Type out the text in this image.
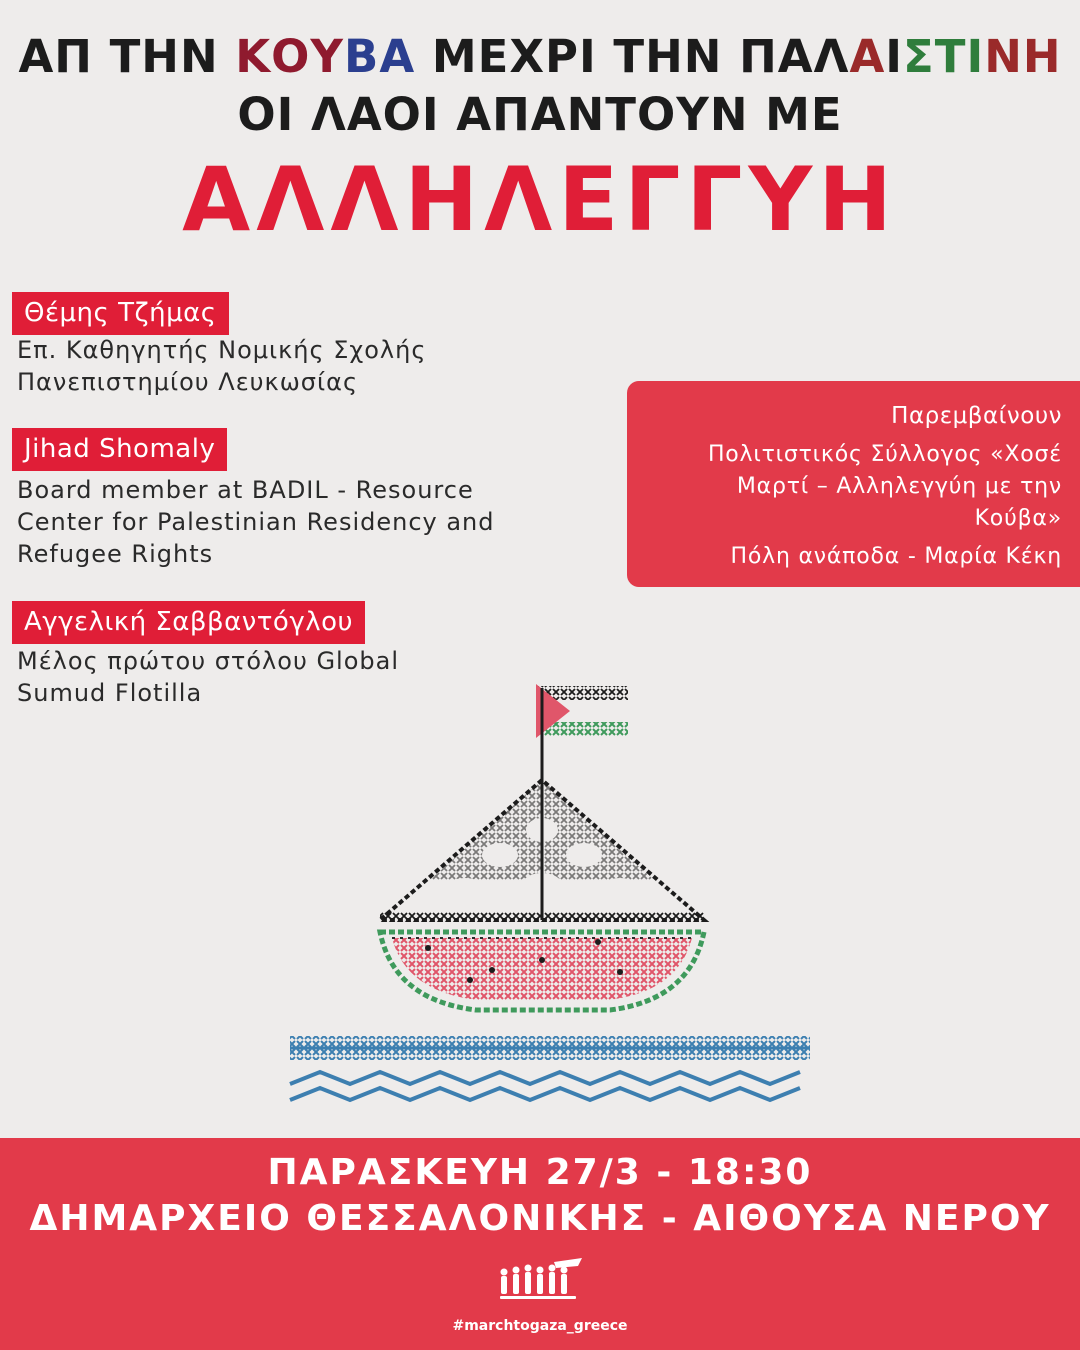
ΑΠ ΤΗΝ ΚΟΥΒΑ ΜΕΧΡΙ ΤΗΝ ΠΑΛΑΙΣΤΙΝΗ
ΟΙ ΛΑΟΙ ΑΠΑΝΤΟΥΝ ΜΕ
ΑΛΛΗΛΕΓΓΥΗ
Θέμης Τζήμας
Επ. Καθηγητής Νομικής Σχολής
Πανεπιστημίου Λευκωσίας
Jihad Shomaly
Board member at BADIL - Resource
Center for Palestinian Residency and
Refugee Rights
Αγγελική Σαββαντόγλου
Μέλος πρώτου στόλου Global
Sumud Flotilla
Παρεμβαίνουν
Πολιτιστικός Σύλλογος «Χοσέ
Μαρτί – Αλληλεγγύη με την
Κούβα»
Πόλη ανάποδα - Μαρία Κέκη
ΠΑΡΑΣΚΕΥΗ 27/3 - 18:30
ΔΗΜΑΡΧΕΙΟ ΘΕΣΣΑΛΟΝΙΚΗΣ - ΑΙΘΟΥΣΑ ΝΕΡΟΥ
#marchtogaza_greece
